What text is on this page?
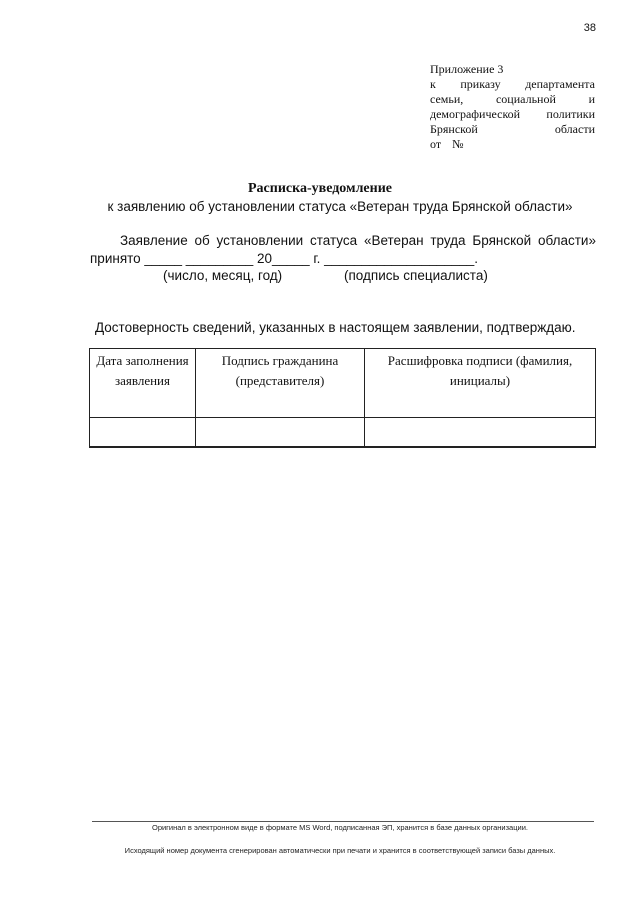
38
Приложение 3
к приказу департамента
семьи, социальной и
демографической политики
Брянской области
от №
Расписка-уведомление
к заявлению об установлении статуса «Ветеран труда Брянской области»
Заявление об установлении статуса «Ветеран труда Брянской области»
принято _____ _________ 20_____ г. ____________________.
(число, месяц, год)	(подпись специалиста)
Достоверность сведений, указанных в настоящем заявлении, подтверждаю.
Дата заполнения заявления	Подпись гражданина (представителя)	Расшифровка подписи (фамилия, инициалы)

Оригинал в электронном виде в формате MS Word, подписанная ЭП, хранится в базе данных организации.
Исходящий номер документа сгенерирован автоматически при печати и хранится в соответствующей записи базы данных.
